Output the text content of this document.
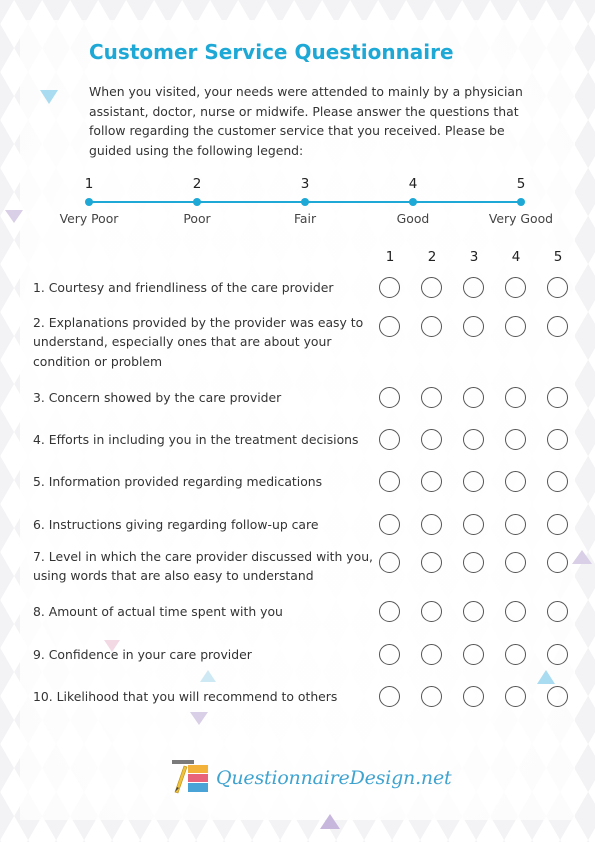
Customer Service Questionnaire

When you visited, your needs were attended to mainly by a physician assistant, doctor, nurse or midwife. Please answer the questions that follow regarding the customer service that you received. Please be guided using the following legend:

1	2	3	4	5
Very Poor	Poor	Fair	Good	Very Good
1	2	3	4	5

1. Courtesy and friendliness of the care provider

2. Explanations provided by the provider was easy to understand, especially ones that are about your condition or problem

3. Concern showed by the care provider

4. Efforts in including you in the treatment decisions

5. Information provided regarding medications

6. Instructions giving regarding follow-up care

7. Level in which the care provider discussed with you, using words that are also easy to understand

8. Amount of actual time spent with you

9. Confidence in your care provider

10. Likelihood that you will recommend to others

QuestionnaireDesign.net
